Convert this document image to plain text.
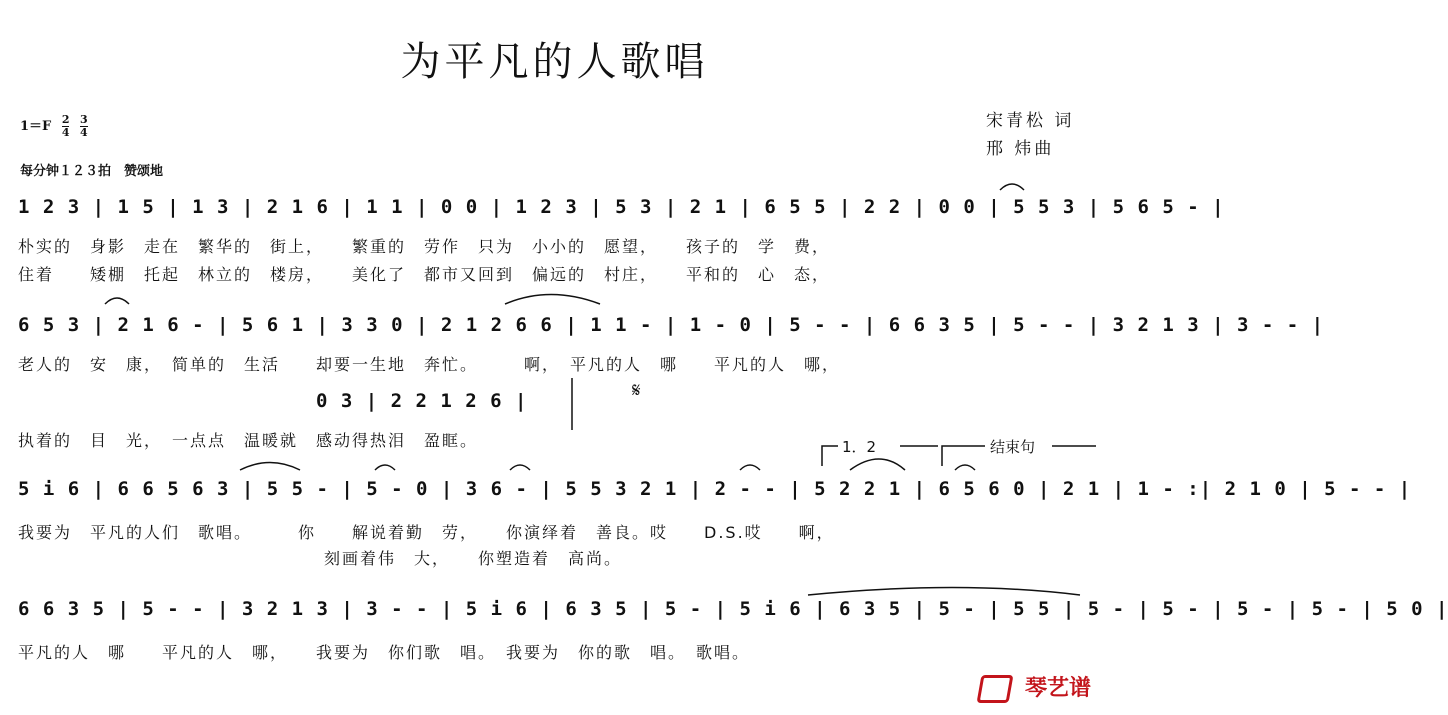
为平凡的人歌唱
宋青松 词
邢 炜曲
$1=F \frac{2}{4}$
$\frac{3}{4}$
每分钟１２３拍　赞颂地
1 2 3 | 1 5 | 1 3 | 2 1 6 | 1 1 | 0 0 | 1 2 3 | 5 3 | 2 1 | 6 5 5 | 2 2 | 0 0 | 5 5 3 | 5 6 5 - |
朴实的　身影　走在　繁华的　街上，　　繁重的　劳作　只为　小小的　愿望，　　孩子的　学　费，
住着　　矮棚　托起　林立的　楼房，　　美化了　都市又回到　偏远的　村庄，　　平和的　心　态，
6 5 3 | 2 1 6 - | 5 6 1 | 3 3 0 | 2 1 2 6 6 | 1 1 - | 1 - 0 | 5 - - | 6 6 3 5 | 5 - - | 3 2 1 3 | 3 - - |
老人的　安　康，　简单的　生活　　却要一生地　奔忙。　　　啊，　平凡的人　哪　　平凡的人　哪，
0 3 | 2 2 1 2 6 |	𝄋
执着的　目　光，　一点点　温暖就　感动得热泪　盈眶。	1．2	结束句
5 i 6 | 6 6 5 6 3 | 5 5 - | 5 - 0 | 3 6 - | 5 5 3 2 1 | 2 - - | 5 2 2 1 | 6 5 6 0 | 2 1 | 1 - :| 2 1 0 | 5 - - |
我要为　平凡的人们　歌唱。　　　你　　解说着勤　劳，　　你演绎着　善良。哎　　D.S.哎　　啊，
　　　　　　　　　　　　　　　　　刻画着伟　大，　　你塑造着　高尚。
6 6 3 5 | 5 - - | 3 2 1 3 | 3 - - | 5 i 6 | 6 3 5 | 5 - | 5 i 6 | 6 3 5 | 5 - | 5 5 | 5 - | 5 - | 5 - | 5 - | 5 0 |
平凡的人　哪　　平凡的人　哪，　　我要为　你们歌　唱。　我要为　你的歌　唱。　歌唱。
琴艺谱
